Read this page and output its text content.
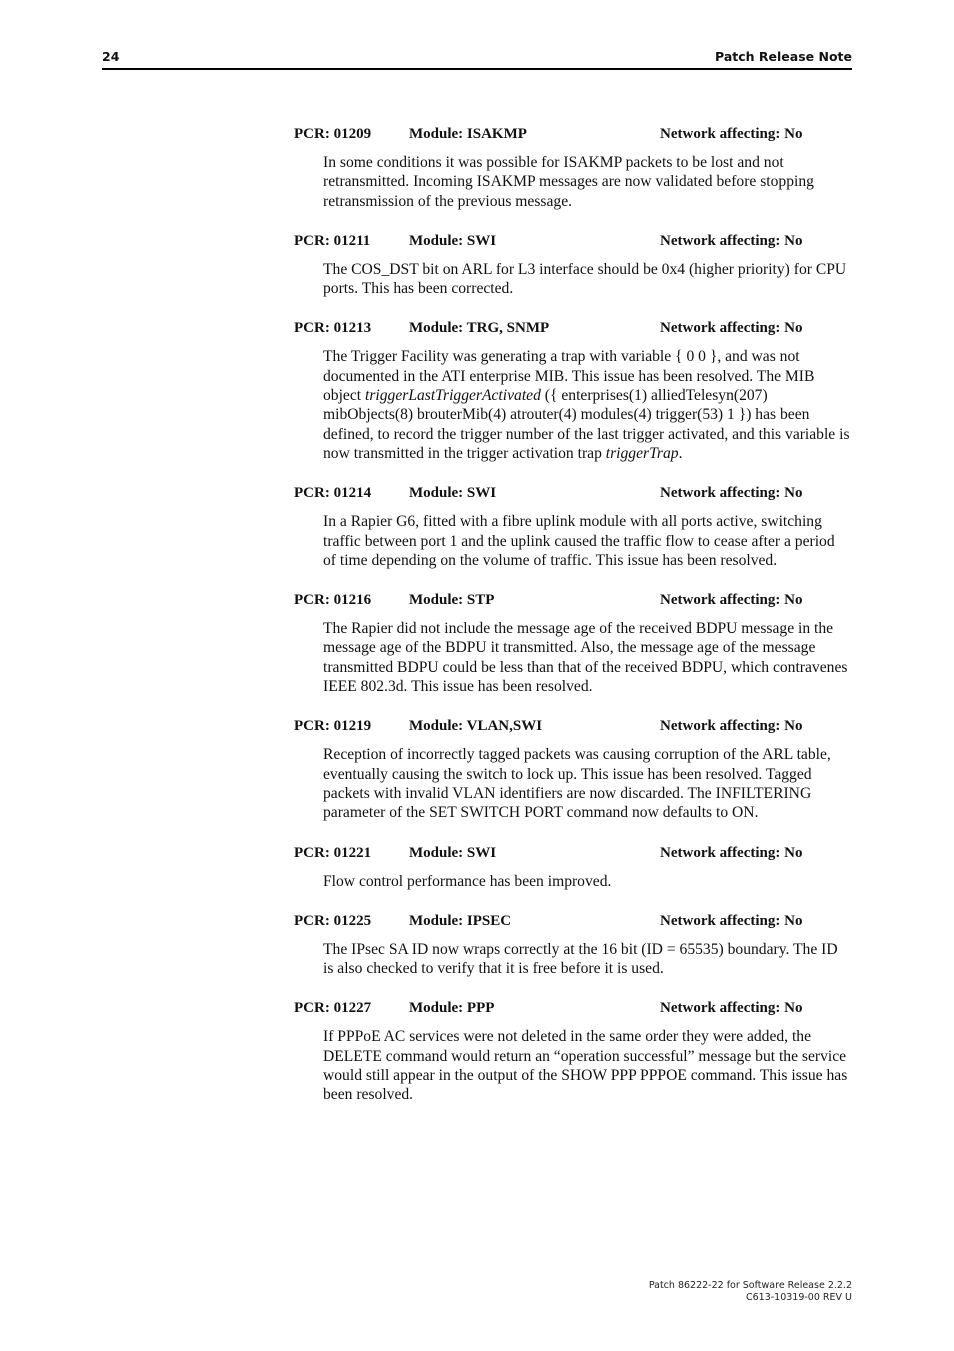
24	Patch Release Note
PCR: 01209	Module: ISAKMP	Network affecting: No
In some conditions it was possible for ISAKMP packets to be lost and not retransmitted. Incoming ISAKMP messages are now validated before stopping retransmission of the previous message.
PCR: 01211	Module: SWI	Network affecting: No
The COS_DST bit on ARL for L3 interface should be 0x4 (higher priority) for CPU ports. This has been corrected.
PCR: 01213	Module: TRG, SNMP	Network affecting: No
The Trigger Facility was generating a trap with variable { 0 0 }, and was not documented in the ATI enterprise MIB. This issue has been resolved. The MIB object triggerLastTriggerActivated ({ enterprises(1) alliedTelesyn(207) mibObjects(8) brouterMib(4) atrouter(4) modules(4) trigger(53) 1 }) has been defined, to record the trigger number of the last trigger activated, and this variable is now transmitted in the trigger activation trap triggerTrap.
PCR: 01214	Module: SWI	Network affecting: No
In a Rapier G6, fitted with a fibre uplink module with all ports active, switching traffic between port 1 and the uplink caused the traffic flow to cease after a period of time depending on the volume of traffic. This issue has been resolved.
PCR: 01216	Module: STP	Network affecting: No
The Rapier did not include the message age of the received BDPU message in the message age of the BDPU it transmitted. Also, the message age of the message transmitted BDPU could be less than that of the received BDPU, which contravenes IEEE 802.3d. This issue has been resolved.
PCR: 01219	Module: VLAN,SWI	Network affecting: No
Reception of incorrectly tagged packets was causing corruption of the ARL table, eventually causing the switch to lock up. This issue has been resolved. Tagged packets with invalid VLAN identifiers are now discarded. The INFILTERING parameter of the SET SWITCH PORT command now defaults to ON.
PCR: 01221	Module: SWI	Network affecting: No
Flow control performance has been improved.
PCR: 01225	Module: IPSEC	Network affecting: No
The IPsec SA ID now wraps correctly at the 16 bit (ID = 65535) boundary. The ID is also checked to verify that it is free before it is used.
PCR: 01227	Module: PPP	Network affecting: No
If PPPoE AC services were not deleted in the same order they were added, the DELETE command would return an “operation successful” message but the service would still appear in the output of the SHOW PPP PPPOE command. This issue has been resolved.
Patch 86222-22 for Software Release 2.2.2
C613-10319-00 REV U
